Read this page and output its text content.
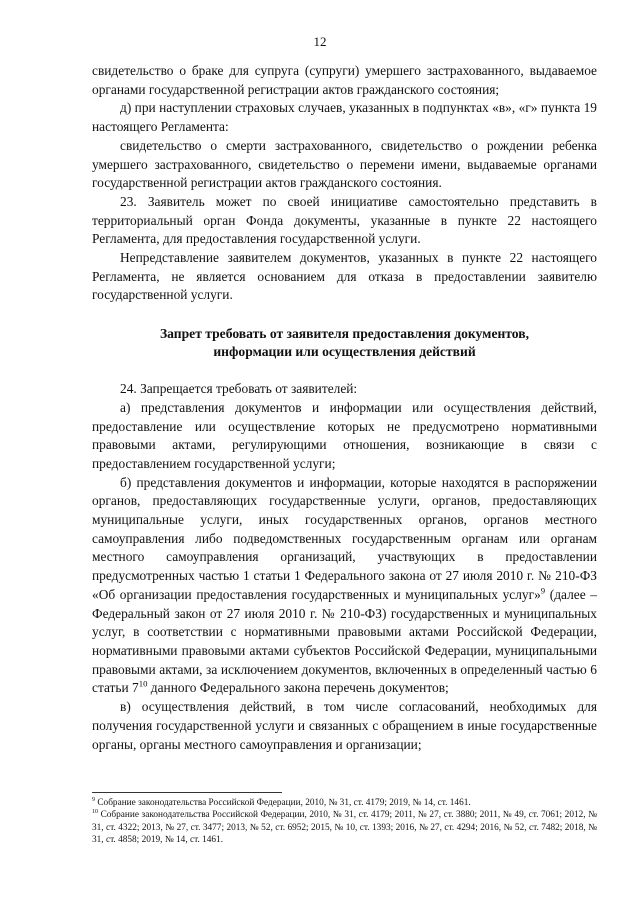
12

свидетельство о браке для супруга (супруги) умершего застрахованного, выдаваемое органами государственной регистрации актов гражданского состояния;

д) при наступлении страховых случаев, указанных в подпунктах «в», «г» пункта 19 настоящего Регламента:

свидетельство о смерти застрахованного, свидетельство о рождении ребенка умершего застрахованного, свидетельство о перемени имени, выдаваемые органами государственной регистрации актов гражданского состояния.

23. Заявитель может по своей инициативе самостоятельно представить в территориальный орган Фонда документы, указанные в пункте 22 настоящего Регламента, для предоставления государственной услуги.

Непредставление заявителем документов, указанных в пункте 22 настоящего Регламента, не является основанием для отказа в предоставлении заявителю государственной услуги.

Запрет требовать от заявителя предоставления документов,
информации или осуществления действий

24. Запрещается требовать от заявителей:

а) представления документов и информации или осуществления действий, предоставление или осуществление которых не предусмотрено нормативными правовыми актами, регулирующими отношения, возникающие в связи с предоставлением государственной услуги;

б) представления документов и информации, которые находятся в распоряжении органов, предоставляющих государственные услуги, органов, предоставляющих муниципальные услуги, иных государственных органов, органов местного самоуправления либо подведомственных государственным органам или органам местного самоуправления организаций, участвующих в предоставлении предусмотренных частью 1 статьи 1 Федерального закона от 27 июля 2010 г. № 210-ФЗ «Об организации предоставления государственных и муниципальных услуг»$^9$ (далее – Федеральный закон от 27 июля 2010 г. № 210-ФЗ) государственных и муниципальных услуг, в соответствии с нормативными правовыми актами Российской Федерации, нормативными правовыми актами субъектов Российской Федерации, муниципальными правовыми актами, за исключением документов, включенных в определенный частью 6 статьи $7^{10}$ данного Федерального закона перечень документов;

в) осуществления действий, в том числе согласований, необходимых для получения государственной услуги и связанных с обращением в иные государственные органы, органы местного самоуправления и организации;

$^9$ Собрание законодательства Российской Федерации, 2010, № 31, ст. 4179; 2019, № 14, ст. 1461.

$^{10}$ Собрание законодательства Российской Федерации, 2010, № 31, ст. 4179; 2011, № 27, ст. 3880; 2011, № 49, ст. 7061; 2012, № 31, ст. 4322; 2013, № 27, ст. 3477; 2013, № 52, ст. 6952; 2015, № 10, ст. 1393; 2016, № 27, ст. 4294; 2016, № 52, ст. 7482; 2018, № 31, ст. 4858; 2019, № 14, ст. 1461.
